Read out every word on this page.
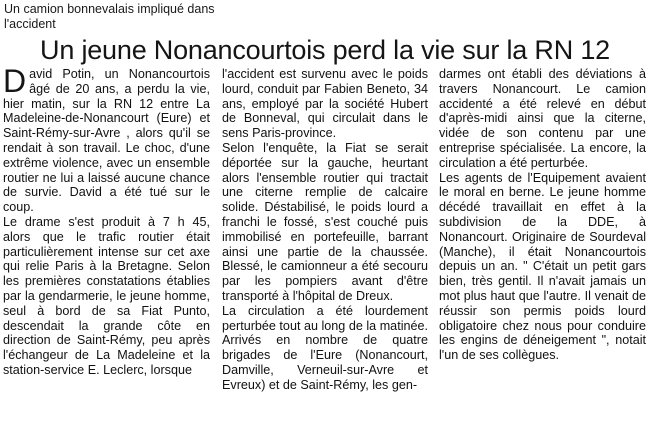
Un camion bonnevalais impliqué dans l'accident
Un jeune Nonancourtois perd la vie sur la RN 12

David Potin, un Nonancourtois âgé de 20 ans, a perdu la vie, hier matin, sur la RN 12 entre La Madeleine-de-Nonancourt (Eure) et Saint-Rémy-sur-Avre , alors qu'il se rendait à son travail. Le choc, d'une extrême violence, avec un ensemble routier ne lui a laissé aucune chance de survie. David a été tué sur le coup.

Le drame s'est produit à 7 h 45, alors que le trafic routier était particulièrement intense sur cet axe qui relie Paris à la Bretagne. Selon les premières constatations établies par la gendarmerie, le jeune homme, seul à bord de sa Fiat Punto, descendait la grande côte en direction de Saint-Rémy, peu après l'échangeur de La Madeleine et la station-service E. Leclerc, lorsque

l'accident est survenu avec le poids lourd, conduit par Fabien Beneto, 34 ans, employé par la société Hubert de Bonneval, qui circulait dans le sens Paris-province.

Selon l'enquête, la Fiat se serait déportée sur la gauche, heurtant alors l'ensemble routier qui tractait une citerne remplie de calcaire solide. Déstabilisé, le poids lourd a franchi le fossé, s'est couché puis immobilisé en portefeuille, barrant ainsi une partie de la chaussée. Blessé, le camionneur a été secouru par les pompiers avant d'être transporté à l'hôpital de Dreux.

La circulation a été lourdement perturbée tout au long de la matinée. Arrivés en nombre de quatre brigades de l'Eure (Nonancourt, Damville, Verneuil-sur-Avre et Evreux) et de Saint-Rémy, les gen-

darmes ont établi des déviations à travers Nonancourt. Le camion accidenté a été relevé en début d'après-midi ainsi que la citerne, vidée de son contenu par une entreprise spécialisée. La encore, la circulation a été perturbée.

Les agents de l'Equipement avaient le moral en berne. Le jeune homme décédé travaillait en effet à la subdivision de la DDE, à Nonancourt. Originaire de Sourdeval (Manche), il était Nonancourtois depuis un an. " C'était un petit gars bien, très gentil. Il n'avait jamais un mot plus haut que l'autre. Il venait de réussir son permis poids lourd obligatoire chez nous pour conduire les engins de déneigement ", notait l'un de ses collègues.
